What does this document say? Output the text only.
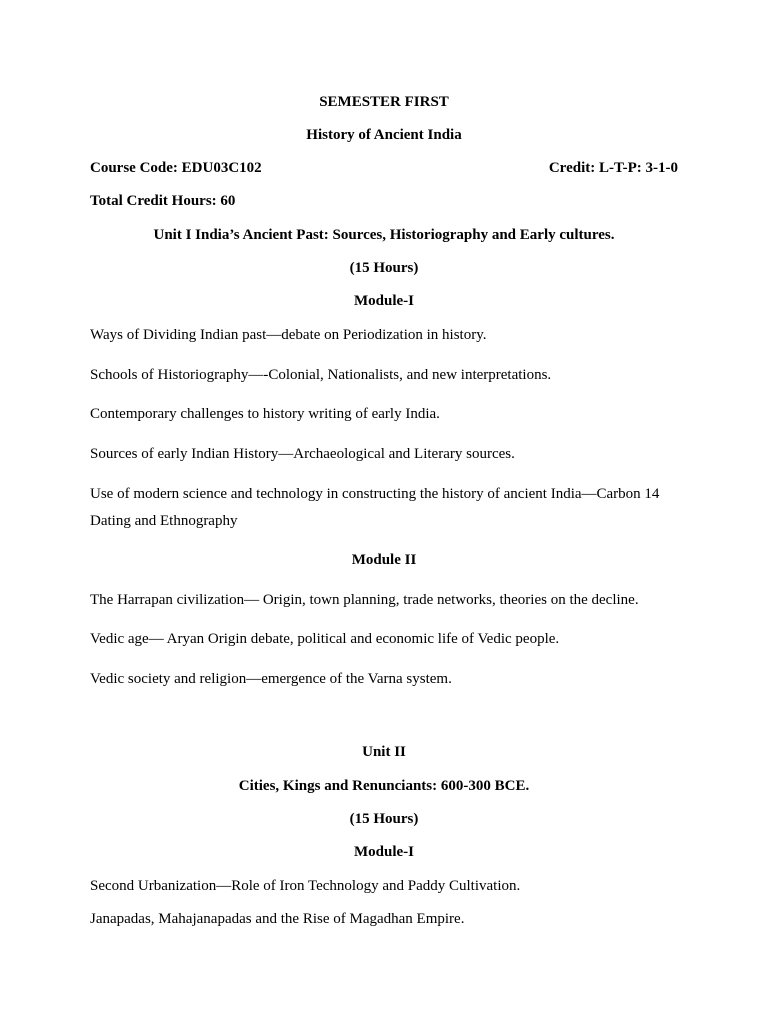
SEMESTER FIRST
History of Ancient India
Course Code: EDU03C102	Credit: L-T-P: 3-1-0
Total Credit Hours: 60
Unit I India’s Ancient Past: Sources, Historiography and Early cultures.
(15 Hours)
Module-I
Ways of Dividing Indian past—debate on Periodization in history.
Schools of Historiography—-Colonial, Nationalists, and new interpretations.
Contemporary challenges to history writing of early India.
Sources of early Indian History—Archaeological and Literary sources.
Use of modern science and technology in constructing the history of ancient India—Carbon 14 Dating and Ethnography
Module II
The Harrapan civilization— Origin, town planning, trade networks, theories on the decline.
Vedic age— Aryan Origin debate, political and economic life of Vedic people.
Vedic society and religion—emergence of the Varna system.
Unit II
Cities, Kings and Renunciants: 600-300 BCE.
(15 Hours)
Module-I
Second Urbanization—Role of Iron Technology and Paddy Cultivation.
Janapadas, Mahajanapadas and the Rise of Magadhan Empire.
